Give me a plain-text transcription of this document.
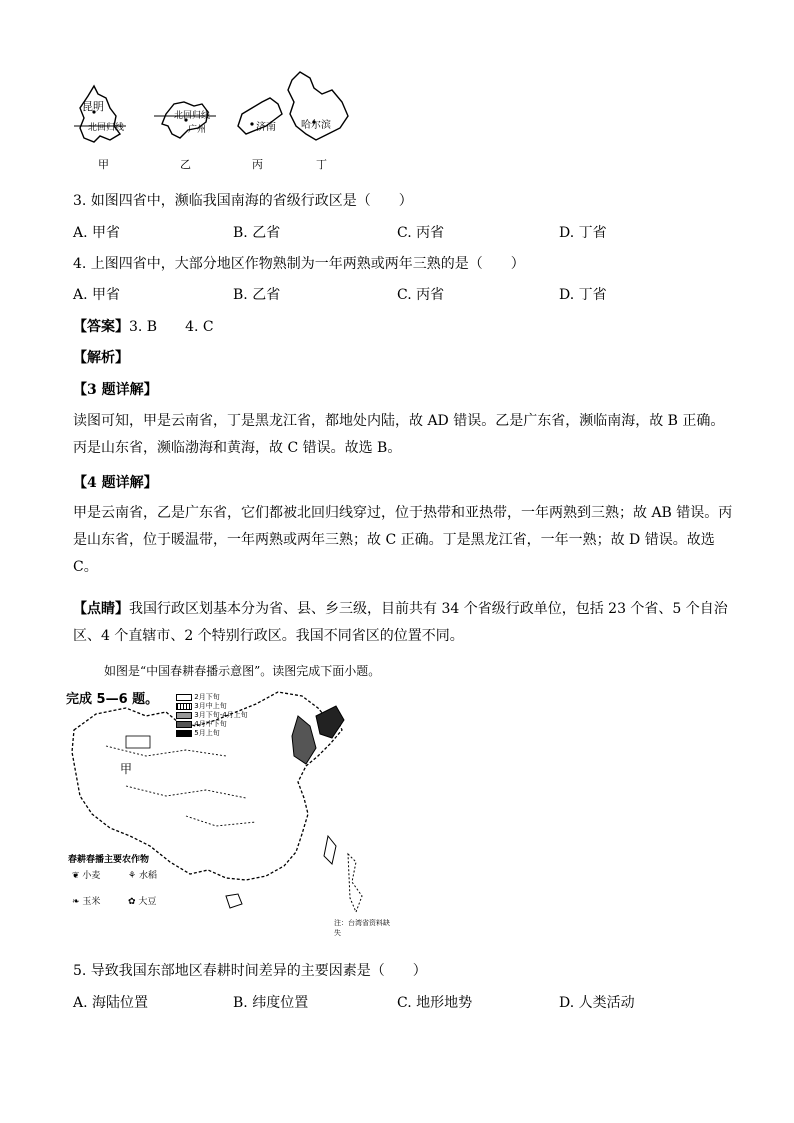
昆明
北回归线
北回归线
广州	济南	哈尔滨
甲	乙	丙	丁
3. 如图四省中，濒临我国南海的省级行政区是（　　）
A. 甲省	B. 乙省	C. 丙省	D. 丁省
4. 上图四省中，大部分地区作物熟制为一年两熟或两年三熟的是（　　）
A. 甲省	B. 乙省	C. 丙省	D. 丁省
【答案】3. B　　4. C
【解析】
【3 题详解】
读图可知，甲是云南省，丁是黑龙江省，都地处内陆，故 AD 错误。乙是广东省，濒临南海，故 B 正确。丙是山东省，濒临渤海和黄海，故 C 错误。故选 B。
【4 题详解】
甲是云南省，乙是广东省，它们都被北回归线穿过，位于热带和亚热带，一年两熟到三熟；故 AB 错误。丙是山东省，位于暖温带，一年两熟或两年三熟；故 C 正确。丁是黑龙江省，一年一熟；故 D 错误。故选 C。
【点睛】我国行政区划基本分为省、县、乡三级，目前共有 34 个省级行政单位，包括 23 个省、5 个自治区、4 个直辖市、2 个特别行政区。我国不同省区的位置不同。
如图是“中国春耕春播示意图”。读图完成下面小题。
完成 5—6 题。	2月下旬
3月中上旬
3月下旬-4月上旬
4月中下旬
5月上旬
甲
春耕春播主要农作物
❦ 小麦	⚘ 水稻
❧ 玉米	✿ 大豆
注：台湾省资料缺失
5. 导致我国东部地区春耕时间差异的主要因素是（　　）
A. 海陆位置	B. 纬度位置	C. 地形地势	D. 人类活动
